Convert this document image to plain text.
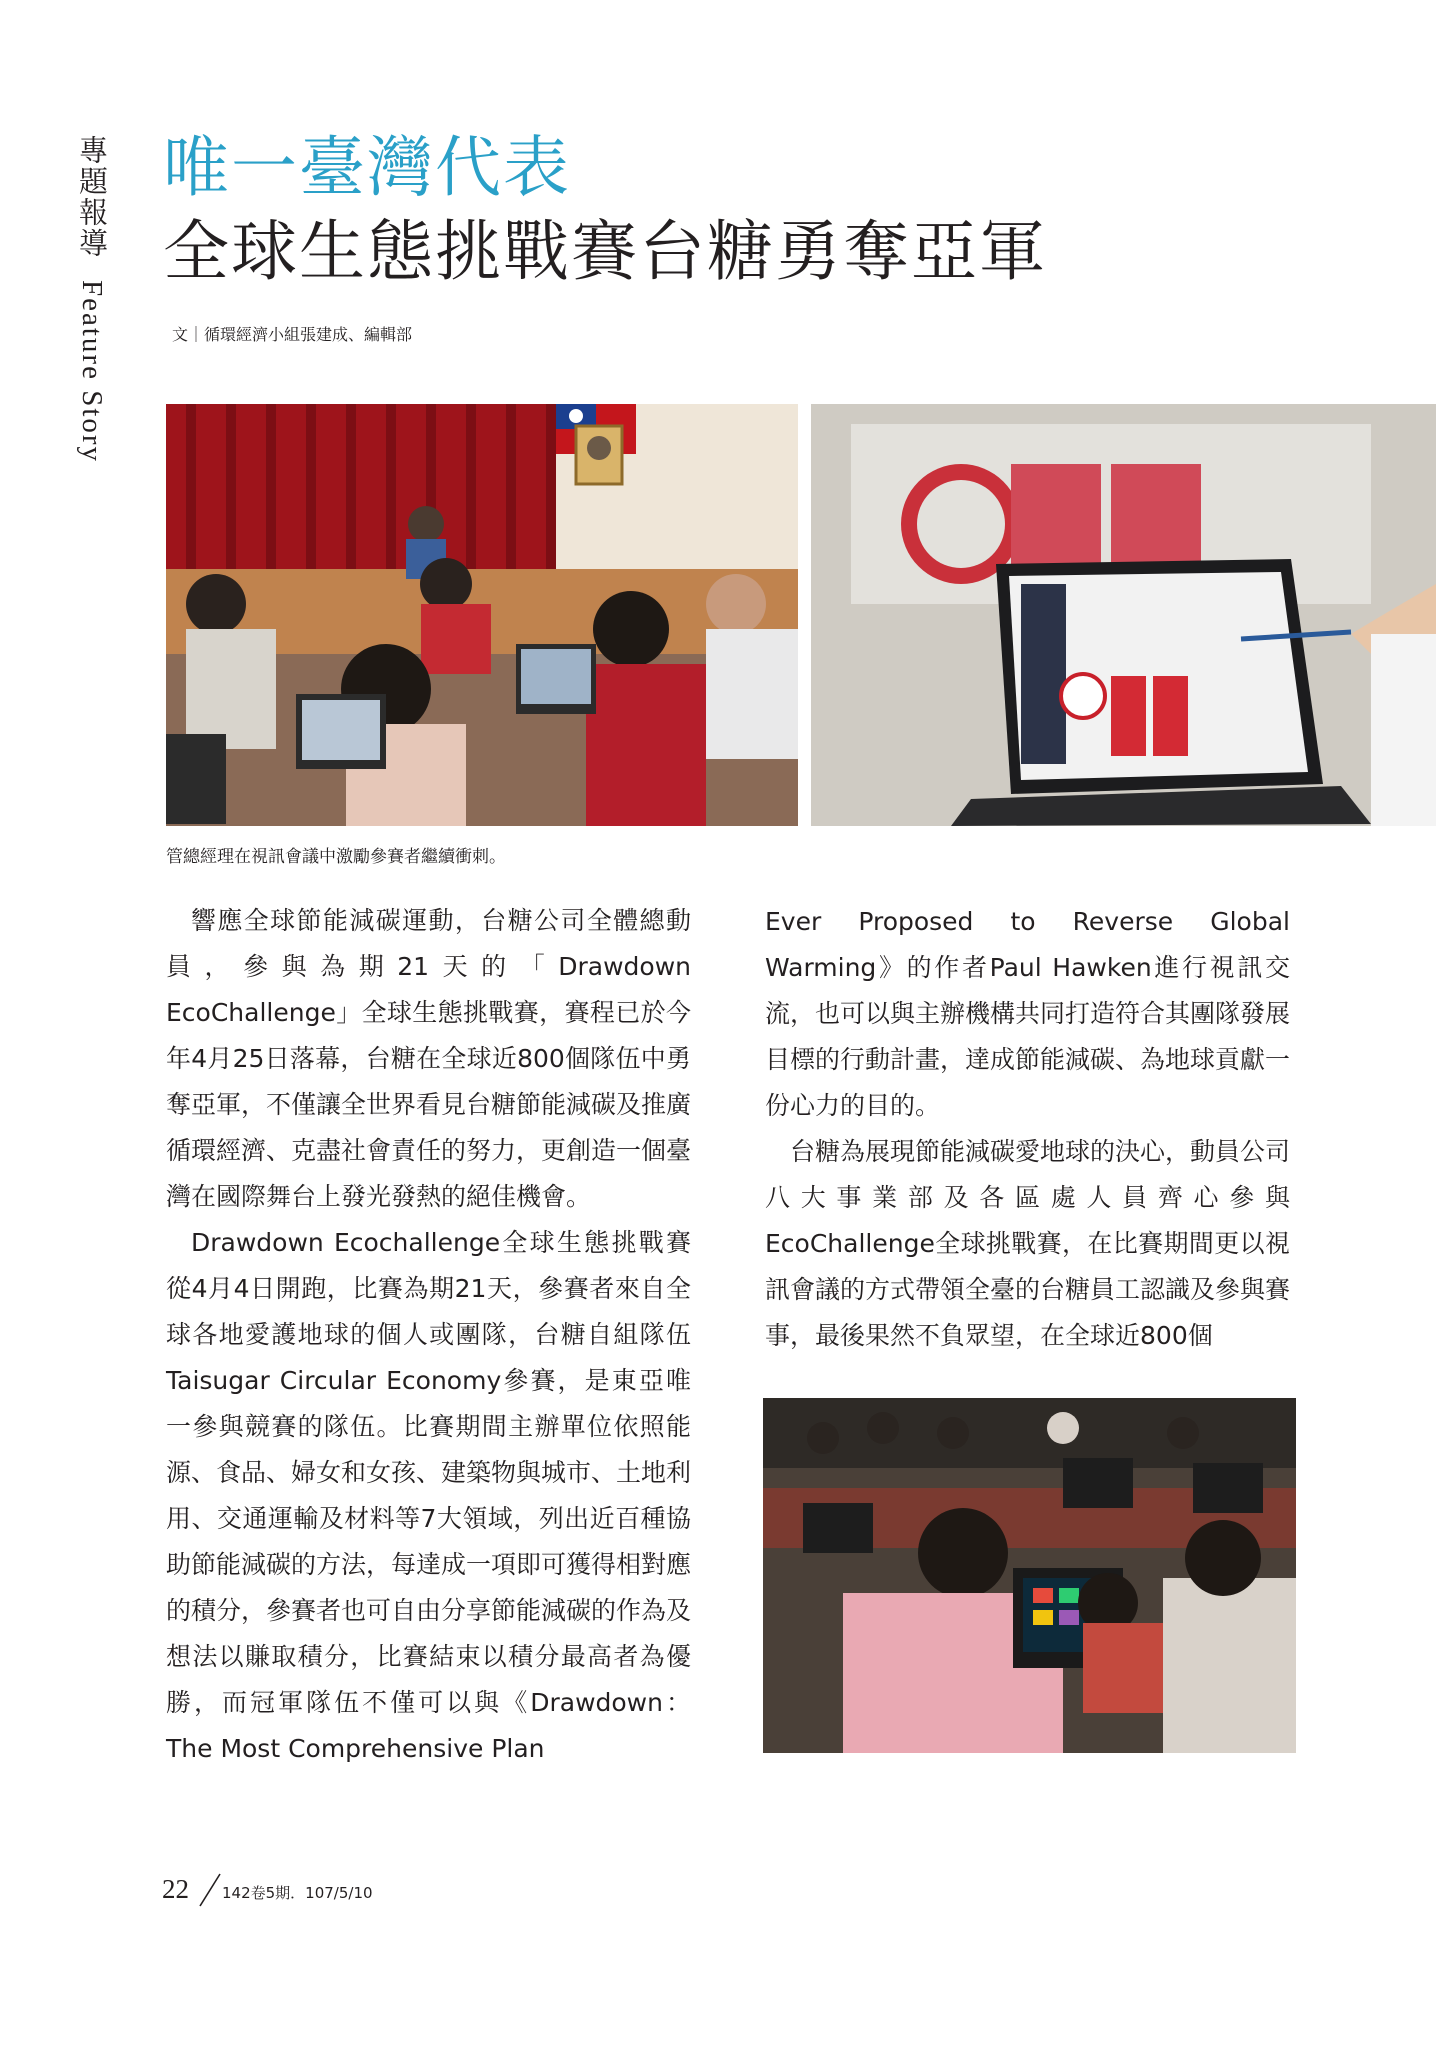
專題報導 Feature Story
唯一臺灣代表
全球生態挑戰賽台糖勇奪亞軍
文｜循環經濟小組張建成、編輯部
管總經理在視訊會議中激勵參賽者繼續衝刺。

響應全球節能減碳運動，台糖公司全體總動員，參與為期21天的「Drawdown EcoChallenge」全球生態挑戰賽，賽程已於今年4月25日落幕，台糖在全球近800個隊伍中勇奪亞軍，不僅讓全世界看見台糖節能減碳及推廣循環經濟、克盡社會責任的努力，更創造一個臺灣在國際舞台上發光發熱的絕佳機會。

Drawdown Ecochallenge全球生態挑戰賽從4月4日開跑，比賽為期21天，參賽者來自全球各地愛護地球的個人或團隊，台糖自組隊伍Taisugar Circular Economy參賽，是東亞唯一參與競賽的隊伍。比賽期間主辦單位依照能源、食品、婦女和女孩、建築物與城市、土地利用、交通運輸及材料等7大領域，列出近百種協助節能減碳的方法，每達成一項即可獲得相對應的積分，參賽者也可自由分享節能減碳的作為及想法以賺取積分，比賽結束以積分最高者為優勝，而冠軍隊伍不僅可以與《Drawdown：The Most Comprehensive Plan

Ever Proposed to Reverse Global Warming》的作者Paul Hawken進行視訊交流，也可以與主辦機構共同打造符合其團隊發展目標的行動計畫，達成節能減碳、為地球貢獻一份心力的目的。

台糖為展現節能減碳愛地球的決心，動員公司八大事業部及各區處人員齊心參與EcoChallenge全球挑戰賽，在比賽期間更以視訊會議的方式帶領全臺的台糖員工認識及參與賽事，最後果然不負眾望，在全球近800個

22 142卷5期．107/5/10
